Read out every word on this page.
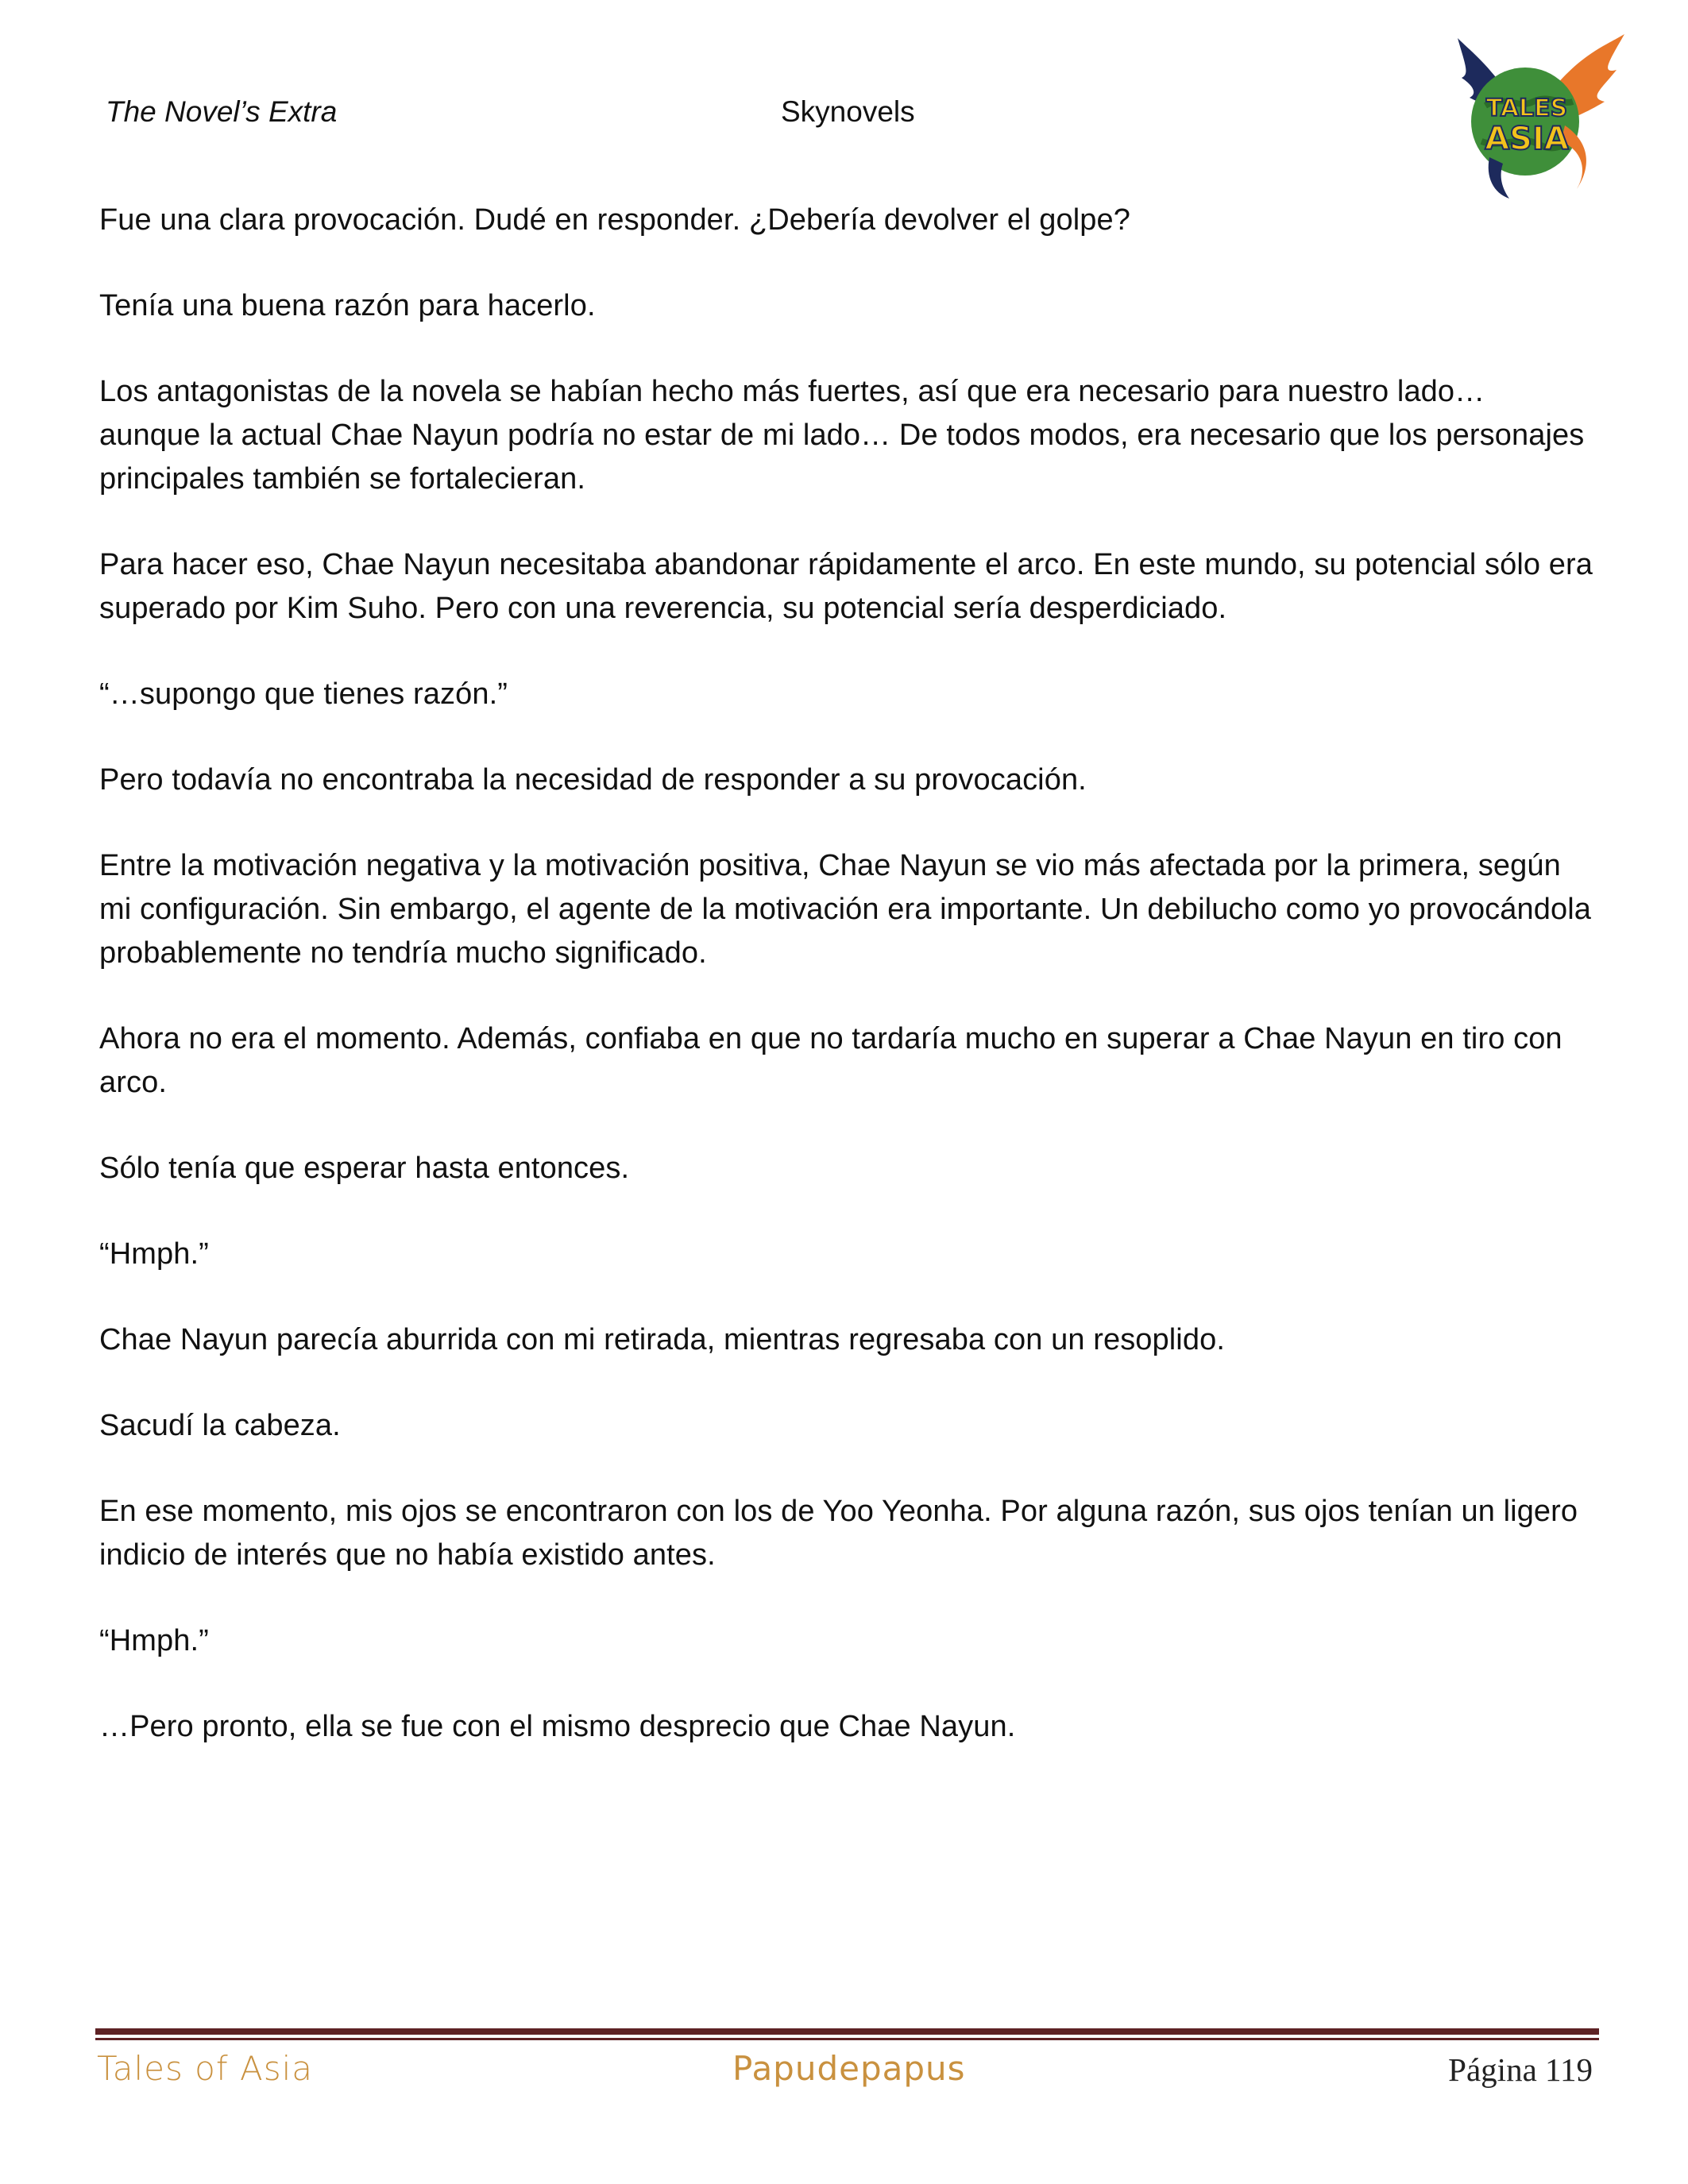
The Novel’s Extra	Skynovels	TALES
ASIA

Fue una clara provocación. Dudé en responder. ¿Debería devolver el golpe?

Tenía una buena razón para hacerlo.

Los antagonistas de la novela se habían hecho más fuertes, así que era necesario para nuestro lado… aunque la actual Chae Nayun podría no estar de mi lado… De todos modos, era necesario que los personajes principales también se fortalecieran.

Para hacer eso, Chae Nayun necesitaba abandonar rápidamente el arco. En este mundo, su potencial sólo era superado por Kim Suho. Pero con una reverencia, su potencial sería desperdiciado.

“…supongo que tienes razón.”

Pero todavía no encontraba la necesidad de responder a su provocación.

Entre la motivación negativa y la motivación positiva, Chae Nayun se vio más afectada por la primera, según mi configuración. Sin embargo, el agente de la motivación era importante. Un debilucho como yo provocándola probablemente no tendría mucho significado.

Ahora no era el momento. Además, confiaba en que no tardaría mucho en superar a Chae Nayun en tiro con arco.

Sólo tenía que esperar hasta entonces.

“Hmph.”

Chae Nayun parecía aburrida con mi retirada, mientras regresaba con un resoplido.

Sacudí la cabeza.

En ese momento, mis ojos se encontraron con los de Yoo Yeonha. Por alguna razón, sus ojos tenían un ligero indicio de interés que no había existido antes.

“Hmph.”

…Pero pronto, ella se fue con el mismo desprecio que Chae Nayun.

Tales of Asia	Papudepapus	Página 119
